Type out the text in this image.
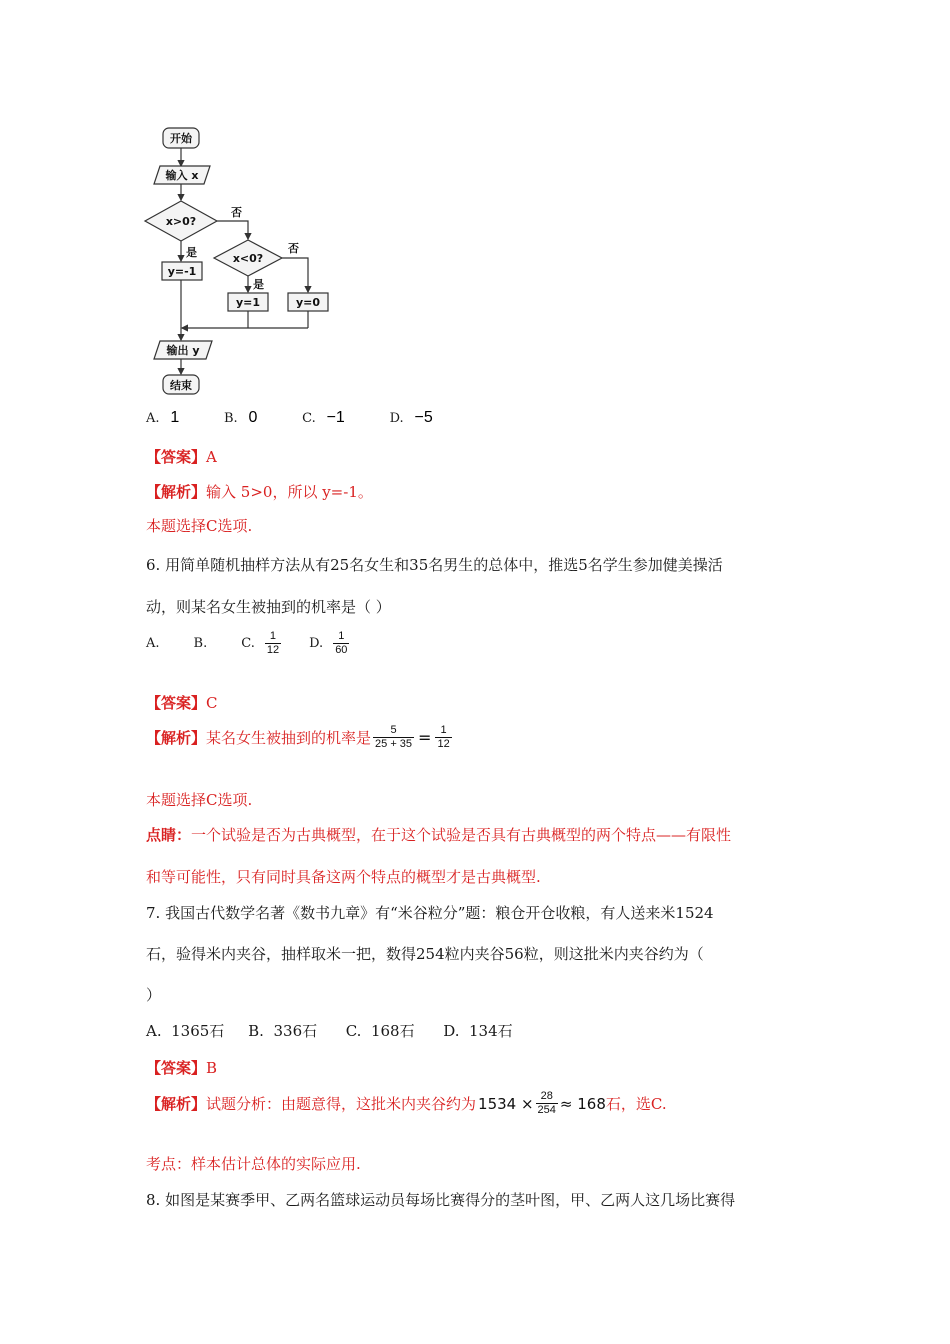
开始
输入 x
x>0?
否
是
y=-1
x<0?
否
是
y=1	y=0
输出 y
结束
A. 1	B. 0	C. −1	D. −5
【答案】A
【解析】输入 5>0，所以 y=-1。
本题选择C选项.
6. 用简单随机抽样方法从有25名女生和35名男生的总体中，推选5名学生参加健美操活
动，则某名女生被抽到的机率是（ ）
A.	B.	C. $\frac{1}{12} D$. $\frac{1}{60}$
【答案】C
【解析】 某名女生被抽到的机率是 $\frac{5}{25 + 35} = \frac{1}{12}$
本题选择C选项.
点睛：一个试验是否为古典概型，在于这个试验是否具有古典概型的两个特点——有限性
和等可能性，只有同时具备这两个特点的概型才是古典概型.
7. 我国古代数学名著《数书九章》有“米谷粒分”题：粮仓开仓收粮，有人送来米1524
石，验得米内夹谷，抽样取米一把，数得254粒内夹谷56粒，则这批米内夹谷约为（
）
A.  1365石     B.  336石      C.  168石      D.  134石
【答案】B
【解析】 试题分析：由题意得，这批米内夹谷约为 $1534 \times \frac{28}{254} \approx 168$ 石，选C.
考点：样本估计总体的实际应用.
8. 如图是某赛季甲、乙两名篮球运动员每场比赛得分的茎叶图，甲、乙两人这几场比赛得
